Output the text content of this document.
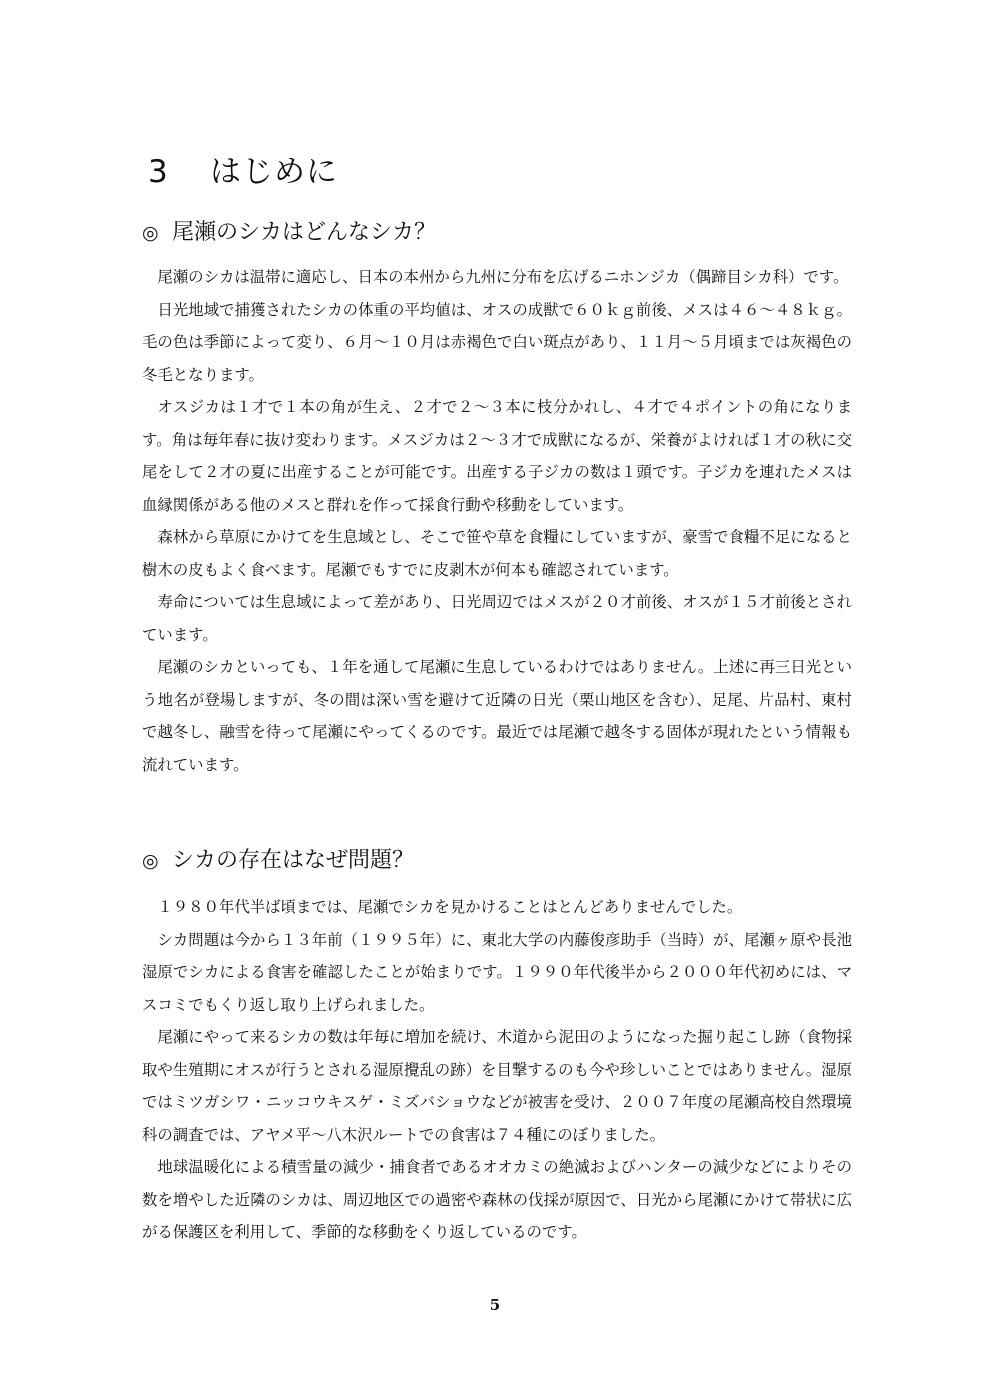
3 はじめに
◎ 尾瀬のシカはどんなシカ？

尾瀬のシカは温帯に適応し、日本の本州から九州に分布を広げるニホンジカ（偶蹄目シカ科）です。

日光地域で捕獲されたシカの体重の平均値は、オスの成獣で６０ｋｇ前後、メスは４６～４８ｋｇ。毛の色は季節によって変り、６月～１０月は赤褐色で白い斑点があり、１１月～５月頃までは灰褐色の冬毛となります。

オスジカは１才で１本の角が生え、２才で２～３本に枝分かれし、４才で４ポイントの角になります。角は毎年春に抜け変わります。メスジカは２～３才で成獣になるが、栄養がよければ１才の秋に交尾をして２才の夏に出産することが可能です。出産する子ジカの数は１頭です。子ジカを連れたメスは血縁関係がある他のメスと群れを作って採食行動や移動をしています。

森林から草原にかけてを生息域とし、そこで笹や草を食糧にしていますが、豪雪で食糧不足になると樹木の皮もよく食べます。尾瀬でもすでに皮剥木が何本も確認されています。

寿命については生息域によって差があり、日光周辺ではメスが２０才前後、オスが１５才前後とされています。

尾瀬のシカといっても、１年を通して尾瀬に生息しているわけではありません。上述に再三日光という地名が登場しますが、冬の間は深い雪を避けて近隣の日光（栗山地区を含む）、足尾、片品村、東村で越冬し、融雪を待って尾瀬にやってくるのです。最近では尾瀬で越冬する固体が現れたという情報も流れています。

◎ シカの存在はなぜ問題？

１９８０年代半ば頃までは、尾瀬でシカを見かけることはとんどありませんでした。

シカ問題は今から１３年前（１９９５年）に、東北大学の内藤俊彦助手（当時）が、尾瀬ヶ原や長池湿原でシカによる食害を確認したことが始まりです。１９９０年代後半から２０００年代初めには、マスコミでもくり返し取り上げられました。

尾瀬にやって来るシカの数は年毎に増加を続け、木道から泥田のようになった掘り起こし跡（食物採取や生殖期にオスが行うとされる湿原攪乱の跡）を目撃するのも今や珍しいことではありません。湿原ではミツガシワ・ニッコウキスゲ・ミズバショウなどが被害を受け、２００７年度の尾瀬高校自然環境科の調査では、アヤメ平～八木沢ルートでの食害は７４種にのぼりました。

地球温暖化による積雪量の減少・捕食者であるオオカミの絶滅およびハンターの減少などによりその数を増やした近隣のシカは、周辺地区での過密や森林の伐採が原因で、日光から尾瀬にかけて帯状に広がる保護区を利用して、季節的な移動をくり返しているのです。

5
